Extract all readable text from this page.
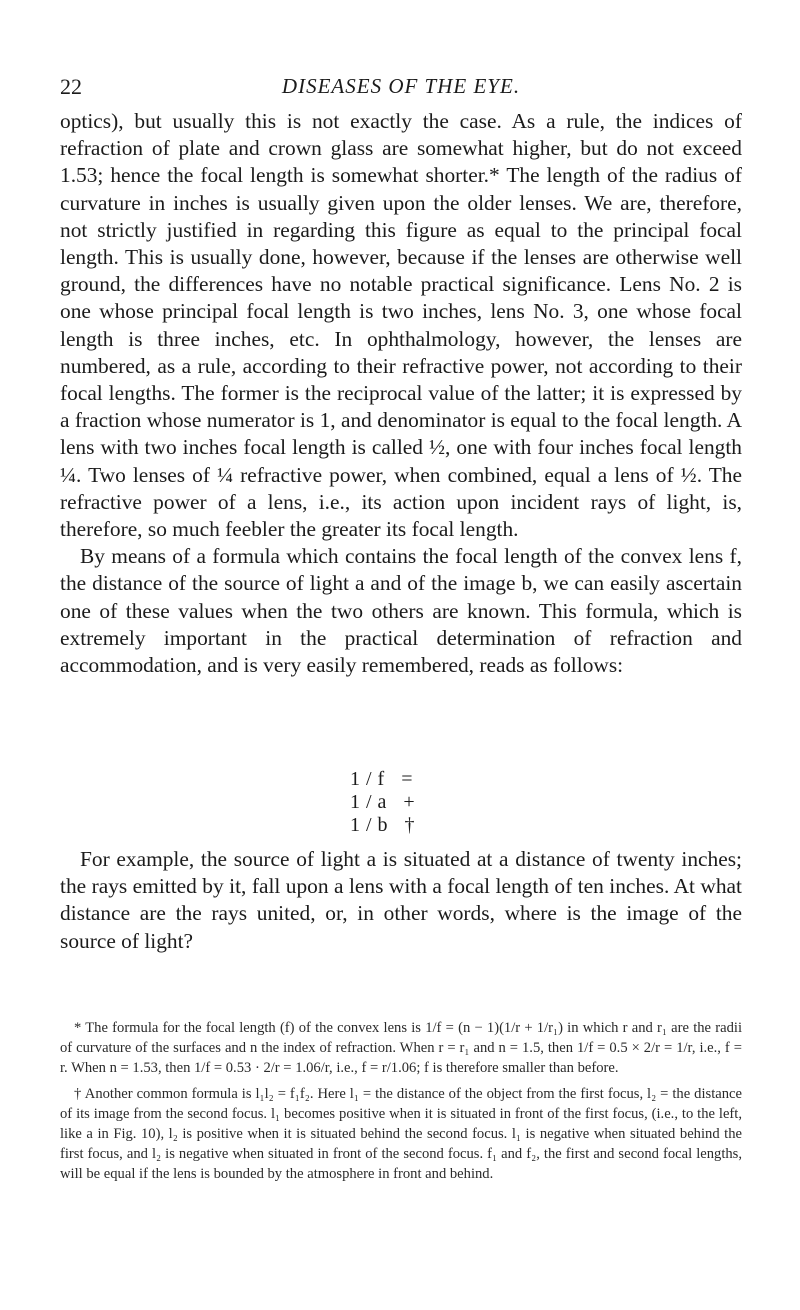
22	DISEASES OF THE EYE.

optics), but usually this is not exactly the case. As a rule, the indices of refraction of plate and crown glass are somewhat higher, but do not exceed 1.53; hence the focal length is somewhat shorter.* The length of the radius of curvature in inches is usually given upon the older lenses. We are, therefore, not strictly justified in regarding this figure as equal to the principal focal length. This is usually done, however, because if the lenses are otherwise well ground, the differences have no notable practical significance. Lens No. 2 is one whose principal focal length is two inches, lens No. 3, one whose focal length is three inches, etc. In ophthalmology, however, the lenses are numbered, as a rule, according to their refractive power, not according to their focal lengths. The former is the reciprocal value of the latter; it is expressed by a fraction whose numerator is 1, and denominator is equal to the focal length. A lens with two inches focal length is called ½, one with four inches focal length ¼. Two lenses of ¼ refractive power, when combined, equal a lens of ½. The refractive power of a lens, i.e., its action upon incident rays of light, is, therefore, so much feebler the greater its focal length.

By means of a formula which contains the focal length of the convex lens f, the distance of the source of light a and of the image b, we can easily ascertain one of these values when the two others are known. This formula, which is extremely important in the practical determination of refraction and accommodation, and is very easily remembered, reads as follows:

1/f = 1/a + 1/b †

For example, the source of light a is situated at a distance of twenty inches; the rays emitted by it, fall upon a lens with a focal length of ten inches. At what distance are the rays united, or, in other words, where is the image of the source of light?

* The formula for the focal length (f) of the convex lens is 1/f = (n − 1)(1/r + 1/r₁) in which r and r₁ are the radii of curvature of the surfaces and n the index of refraction. When r = r₁ and n = 1.5, then 1/f = 0.5 × 2/r = 1/r, i.e., f = r. When n = 1.53, then 1/f = 0.53 · 2/r = 1.06/r, i.e., f = r/1.06; f is therefore smaller than before.

† Another common formula is l₁l₂ = f₁f₂. Here l₁ = the distance of the object from the first focus, l₂ = the distance of its image from the second focus. l₁ becomes positive when it is situated in front of the first focus, (i.e., to the left, like a in Fig. 10), l₂ is positive when it is situated behind the second focus. l₁ is negative when situated behind the first focus, and l₂ is negative when situated in front of the second focus. f₁ and f₂, the first and second focal lengths, will be equal if the lens is bounded by the atmosphere in front and behind.
